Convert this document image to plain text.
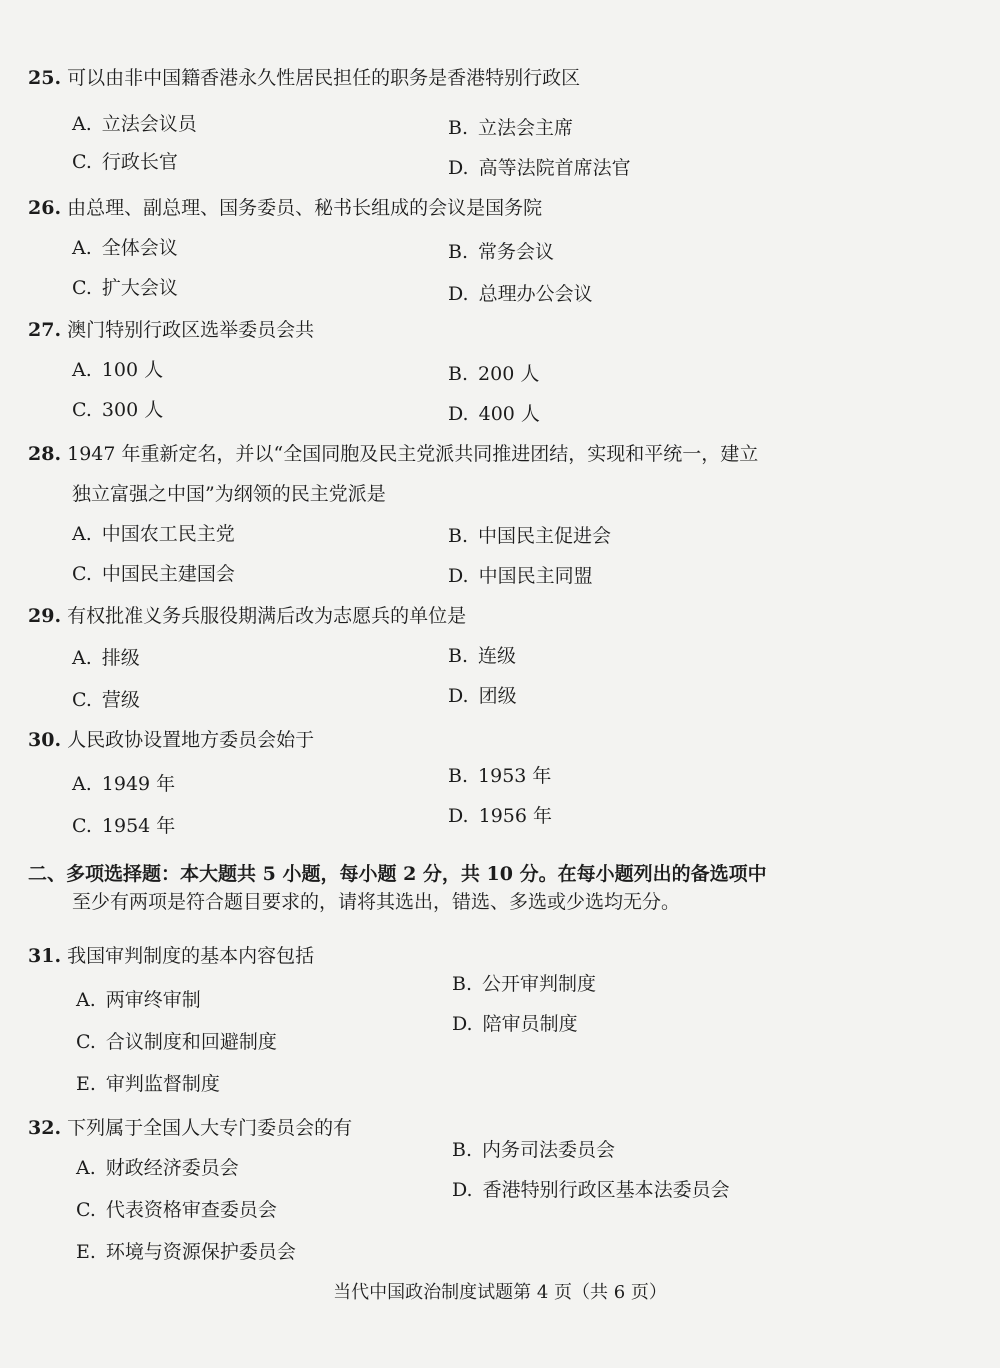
25. 可以由非中国籍香港永久性居民担任的职务是香港特别行政区
A. 立法会议员	B. 立法会主席
C. 行政长官	D. 高等法院首席法官
26. 由总理、副总理、国务委员、秘书长组成的会议是国务院
A. 全体会议	B. 常务会议
C. 扩大会议	D. 总理办公会议
27. 澳门特别行政区选举委员会共
A. 100 人	B. 200 人
C. 300 人	D. 400 人
28. 1947 年重新定名，并以“全国同胞及民主党派共同推进团结，实现和平统一，建立
独立富强之中国”为纲领的民主党派是
A. 中国农工民主党	B. 中国民主促进会
C. 中国民主建国会	D. 中国民主同盟
29. 有权批准义务兵服役期满后改为志愿兵的单位是
A. 排级	B. 连级
C. 营级	D. 团级
30. 人民政协设置地方委员会始于
A. 1949 年	B. 1953 年
C. 1954 年	D. 1956 年
二、多项选择题：本大题共 5 小题，每小题 2 分，共 10 分。在每小题列出的备选项中
至少有两项是符合题目要求的，请将其选出，错选、多选或少选均无分。
31. 我国审判制度的基本内容包括
A. 两审终审制
B. 公开审判制度
C. 合议制度和回避制度
D. 陪审员制度
E. 审判监督制度
32. 下列属于全国人大专门委员会的有
A. 财政经济委员会
B. 内务司法委员会
C. 代表资格审查委员会
D. 香港特别行政区基本法委员会
E. 环境与资源保护委员会
当代中国政治制度试题第 4 页（共 6 页）
